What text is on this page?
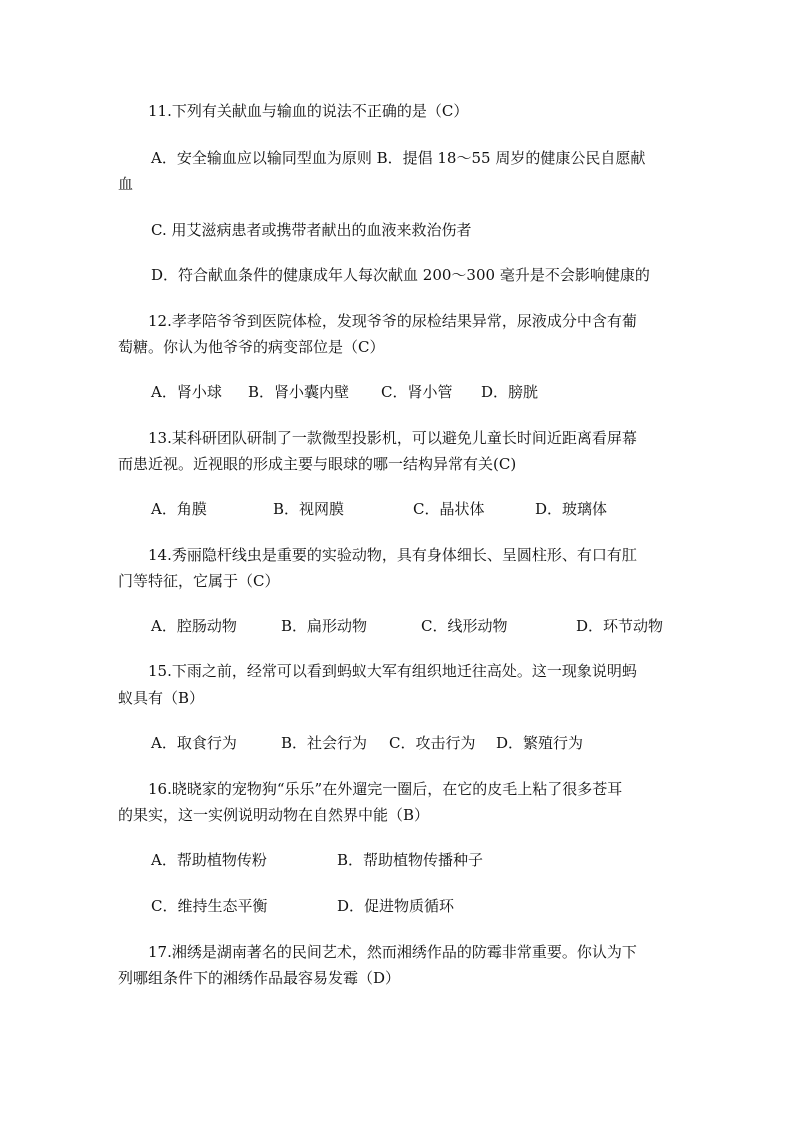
11.下列有关献血与输血的说法不正确的是（C）
A．安全输血应以输同型血为原则 B．提倡 18～55 周岁的健康公民自愿献
血
C. 用艾滋病患者或携带者献出的血液来救治伤者
D．符合献血条件的健康成年人每次献血 200～300 毫升是不会影响健康的
12.孝孝陪爷爷到医院体检，发现爷爷的尿检结果异常，尿液成分中含有葡
萄糖。你认为他爷爷的病变部位是（C）
A．肾小球 B．肾小囊内壁 C．肾小管 D．膀胱
13.某科研团队研制了一款微型投影机，可以避免儿童长时间近距离看屏幕
而患近视。近视眼的形成主要与眼球的哪一结构异常有关(C)
A．角膜	B．视网膜	C．晶状体	D．玻璃体
14.秀丽隐杆线虫是重要的实验动物，具有身体细长、呈圆柱形、有口有肛
门等特征，它属于（C）
A．腔肠动物	B．扁形动物	C．线形动物	D．环节动物
15.下雨之前，经常可以看到蚂蚁大军有组织地迁往高处。这一现象说明蚂
蚁具有（B）
A．取食行为	B．社会行为 C．攻击行为 D．繁殖行为
16.晓晓家的宠物狗“乐乐”在外遛完一圈后，在它的皮毛上粘了很多苍耳
的果实，这一实例说明动物在自然界中能（B）
A．帮助植物传粉	B．帮助植物传播种子
C．维持生态平衡	D．促进物质循环
17.湘绣是湖南著名的民间艺术，然而湘绣作品的防霉非常重要。你认为下
列哪组条件下的湘绣作品最容易发霉（D）
